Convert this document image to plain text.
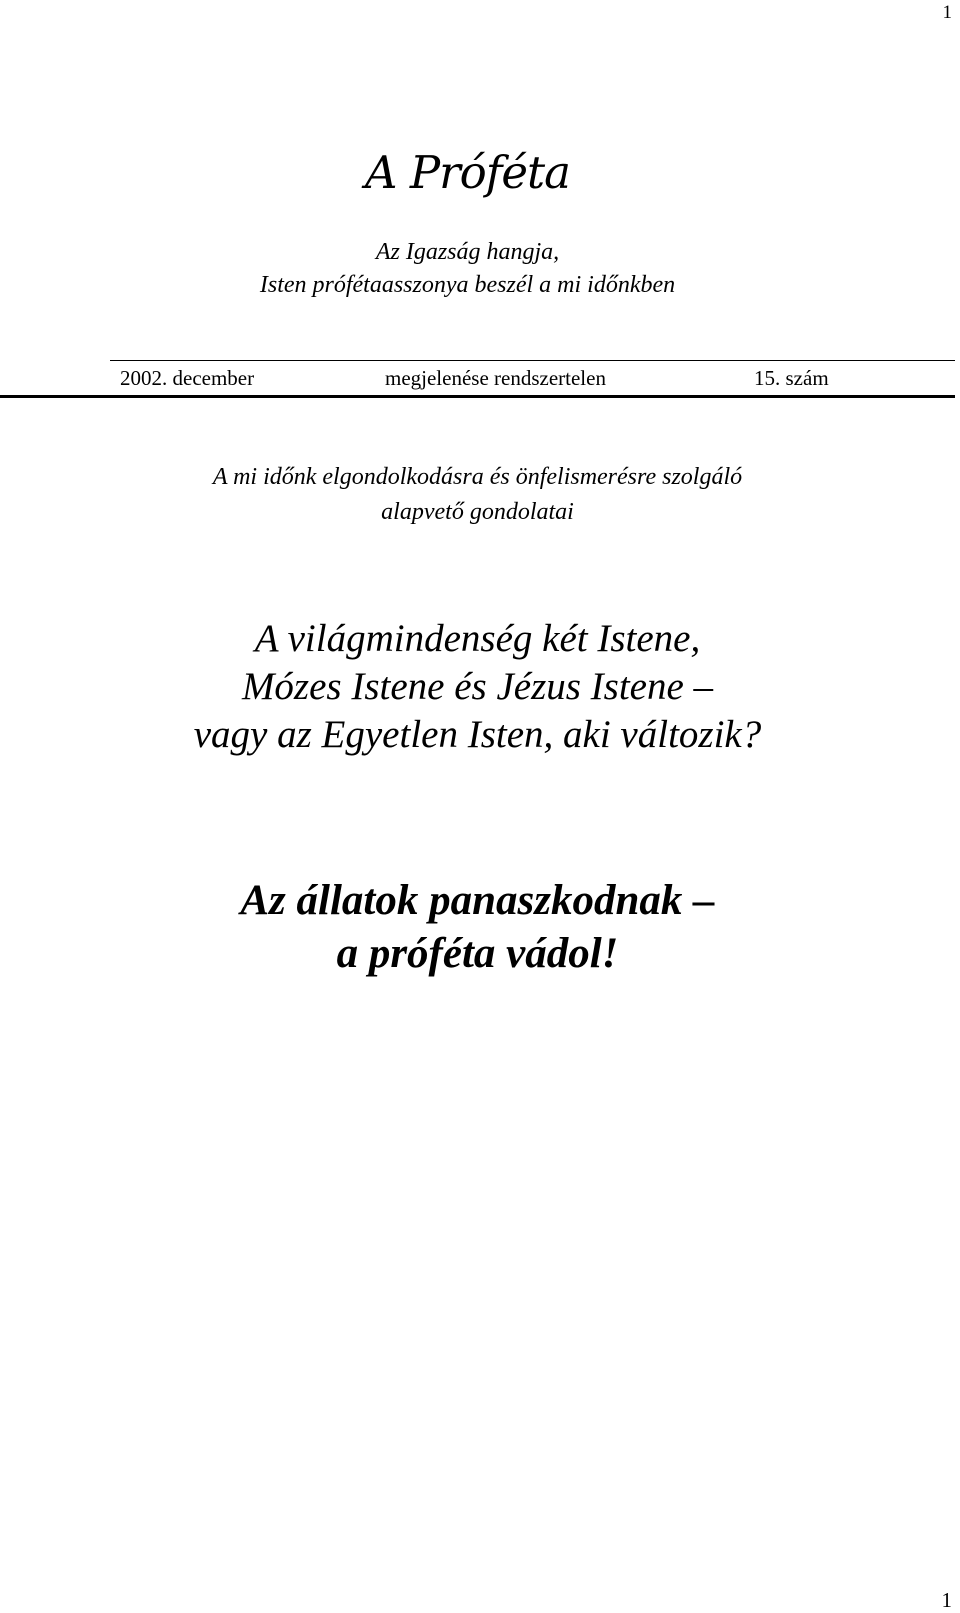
1
A Próféta
Az Igazság hangja,
Isten prófétaasszonya beszél a mi időnkben
2002. december	megjelenése rendszertelen	15. szám
A mi időnk elgondolkodásra és önfelismerésre szolgáló
alapvető gondolatai
A világmindenség két Istene,
Mózes Istene és Jézus Istene –
vagy az Egyetlen Isten, aki változik?
Az állatok panaszkodnak –
a próféta vádol!
1
